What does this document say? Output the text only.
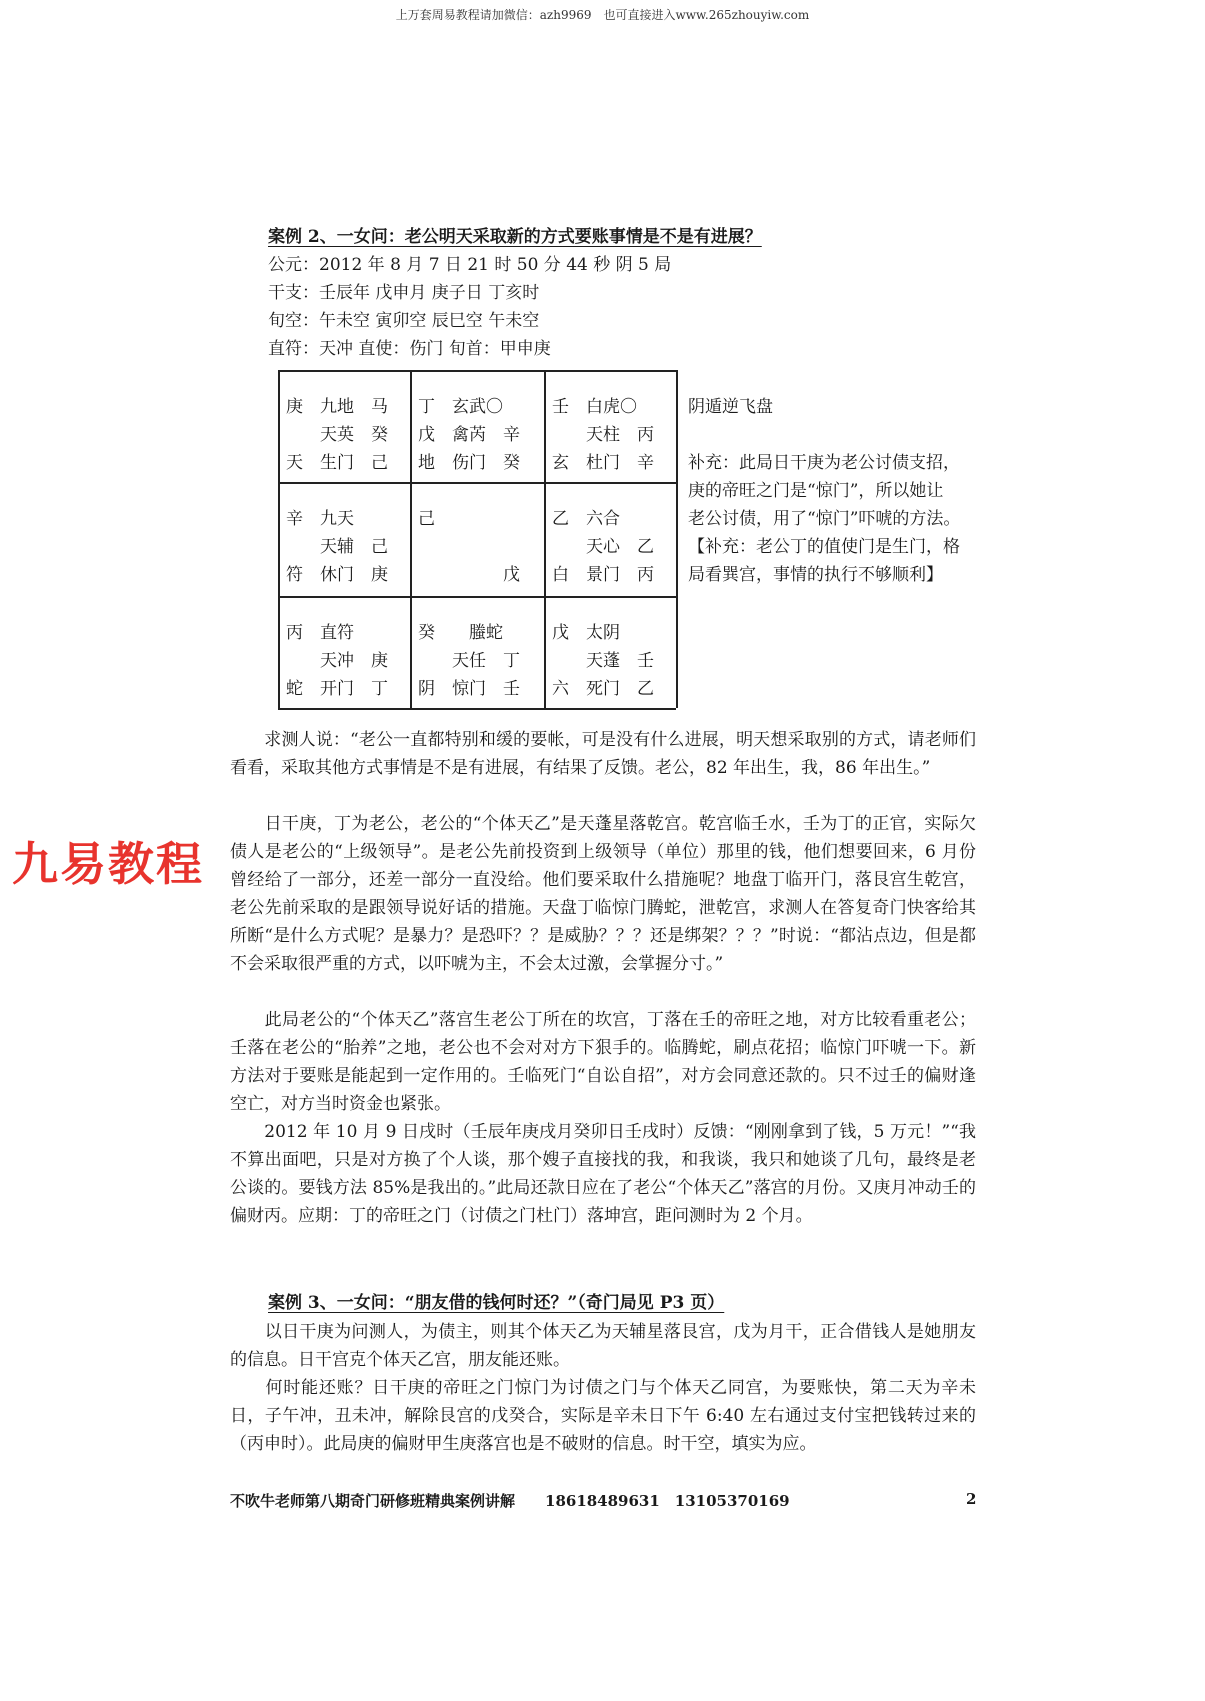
上万套周易教程请加微信：azh9969　也可直接进入www.265zhouyiw.com
案例 2、一女问：老公明天采取新的方式要账事情是不是有进展？
公元：2012 年 8 月 7 日 21 时 50 分 44 秒 阴 5 局
干支：壬辰年 戊申月 庚子日 丁亥时
旬空：午未空 寅卯空 辰巳空 午未空
直符：天冲 直使：伤门 旬首：甲申庚
庚　九地　马
　　天英　癸
天　生门　己
丁　玄武〇
戊　禽芮　辛
地　伤门　癸
壬　白虎〇
　　天柱　丙
玄　杜门　辛
辛　九天
　　天辅　己
符　休门　庚
己
　　　　　戊
乙　六合
　　天心　乙
白　景门　丙
丙　直符
　　天冲　庚
蛇　开门　丁
癸　　螣蛇
　　天任　丁
阴　惊门　壬
戊　太阴
　　天蓬　壬
六　死门　乙
阴遁逆飞盘
补充：此局日干庚为老公讨债支招，
庚的帝旺之门是“惊门”，所以她让
老公讨债，用了“惊门”吓唬的方法。
【补充：老公丁的值使门是生门，格
局看巽宫，事情的执行不够顺利】
　　求测人说：“老公一直都特别和缓的要帐，可是没有什么进展，明天想采取别的方式，请老师们看看，采取其他方式事情是不是有进展，有结果了反馈。老公，82 年出生，我，86 年出生。”
　　日干庚，丁为老公，老公的“个体天乙”是天蓬星落乾宫。乾宫临壬水，壬为丁的正官，实际欠债人是老公的“上级领导”。是老公先前投资到上级领导（单位）那里的钱，他们想要回来，6 月份曾经给了一部分，还差一部分一直没给。他们要采取什么措施呢？地盘丁临开门，落艮宫生乾宫，老公先前采取的是跟领导说好话的措施。天盘丁临惊门腾蛇，泄乾宫，求测人在答复奇门快客给其所断“是什么方式呢？是暴力？是恐吓？？是威胁？？？还是绑架？？？”时说：“都沾点边，但是都不会采取很严重的方式，以吓唬为主，不会太过激，会掌握分寸。”
　　此局老公的“个体天乙”落宫生老公丁所在的坎宫，丁落在壬的帝旺之地，对方比较看重老公；壬落在老公的“胎养”之地，老公也不会对对方下狠手的。临腾蛇，刷点花招；临惊门吓唬一下。新方法对于要账是能起到一定作用的。壬临死门“自讼自招”，对方会同意还款的。只不过壬的偏财逢空亡，对方当时资金也紧张。
　　2012 年 10 月 9 日戌时（壬辰年庚戌月癸卯日壬戌时）反馈：“刚刚拿到了钱，5 万元！”“我不算出面吧，只是对方换了个人谈，那个嫂子直接找的我，和我谈，我只和她谈了几句，最终是老公谈的。要钱方法 85%是我出的。”此局还款日应在了老公“个体天乙”落宫的月份。又庚月冲动壬的偏财丙。应期：丁的帝旺之门（讨债之门杜门）落坤宫，距问测时为 2 个月。
案例 3、一女问：“朋友借的钱何时还？”（奇门局见 P3 页）
　　以日干庚为问测人，为债主，则其个体天乙为天辅星落艮宫，戊为月干，正合借钱人是她朋友的信息。日干宫克个体天乙宫，朋友能还账。
　　何时能还账？日干庚的帝旺之门惊门为讨债之门与个体天乙同宫，为要账快，第二天为辛未日，子午冲，丑未冲，解除艮宫的戊癸合，实际是辛未日下午 6:40 左右通过支付宝把钱转过来的（丙申时）。此局庚的偏财甲生庚落宫也是不破财的信息。时干空，填实为应。
九易教程
不吹牛老师第八期奇门研修班精典案例讲解　　18618489631　13105370169	2
